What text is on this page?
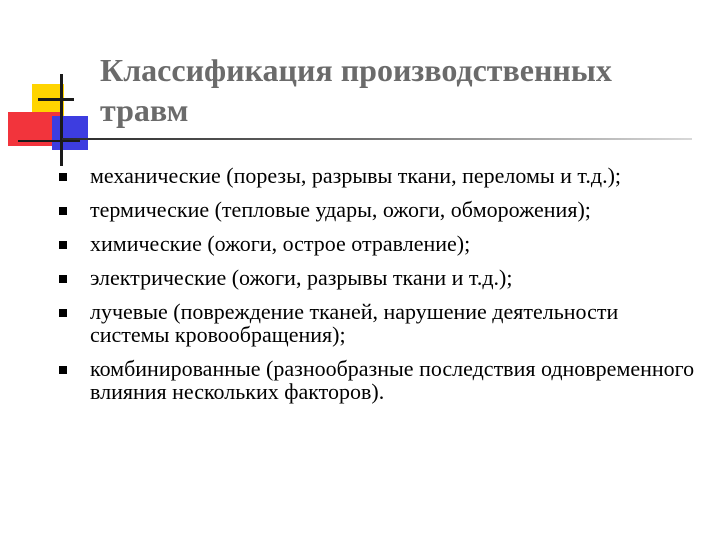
Классификация производственных травм
механические (порезы, разрывы ткани, переломы и т.д.);
термические (тепловые удары, ожоги, обморожения);
химические (ожоги, острое отравление);
электрические (ожоги, разрывы ткани и т.д.);
лучевые (повреждение тканей, нарушение деятельности системы кровообращения);
комбинированные (разнообразные последствия одновременного влияния нескольких факторов).
